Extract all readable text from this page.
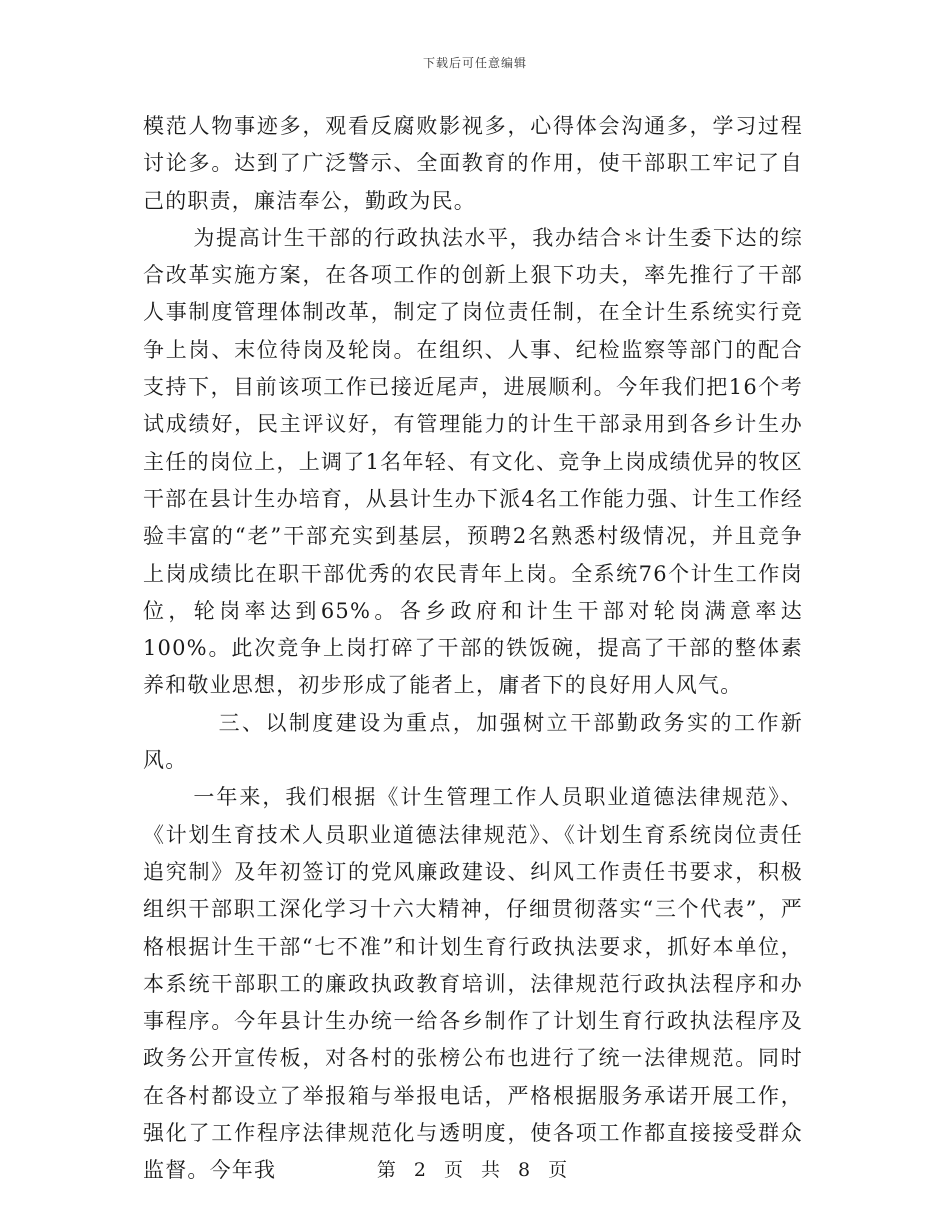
下载后可任意编辑

模范人物事迹多，观看反腐败影视多，心得体会沟通多，学习过程讨论多。达到了广泛警示、全面教育的作用，使干部职工牢记了自己的职责，廉洁奉公，勤政为民。

为提高计生干部的行政执法水平，我办结合＊计生委下达的综合改革实施方案，在各项工作的创新上狠下功夫，率先推行了干部人事制度管理体制改革，制定了岗位责任制，在全计生系统实行竞争上岗、末位待岗及轮岗。在组织、人事、纪检监察等部门的配合支持下，目前该项工作已接近尾声，进展顺利。今年我们把16个考试成绩好，民主评议好，有管理能力的计生干部录用到各乡计生办主任的岗位上，上调了1名年轻、有文化、竞争上岗成绩优异的牧区干部在县计生办培育，从县计生办下派4名工作能力强、计生工作经验丰富的“老”干部充实到基层，预聘2名熟悉村级情况，并且竞争上岗成绩比在职干部优秀的农民青年上岗。全系统76个计生工作岗位，轮岗率达到65%。各乡政府和计生干部对轮岗满意率达100%。此次竞争上岗打碎了干部的铁饭碗，提高了干部的整体素养和敬业思想，初步形成了能者上，庸者下的良好用人风气。

三、以制度建设为重点，加强树立干部勤政务实的工作新风。

一年来，我们根据《计生管理工作人员职业道德法律规范》、《计划生育技术人员职业道德法律规范》、《计划生育系统岗位责任追究制》及年初签订的党风廉政建设、纠风工作责任书要求，积极组织干部职工深化学习十六大精神，仔细贯彻落实“三个代表”，严格根据计生干部“七不准”和计划生育行政执法要求，抓好本单位，本系统干部职工的廉政执政教育培训，法律规范行政执法程序和办事程序。今年县计生办统一给各乡制作了计划生育行政执法程序及政务公开宣传板，对各村的张榜公布也进行了统一法律规范。同时在各村都设立了举报箱与举报电话，严格根据服务承诺开展工作，强化了工作程序法律规范化与透明度，使各项工作都直接接受群众监督。今年我	第 2 页 共 8 页
